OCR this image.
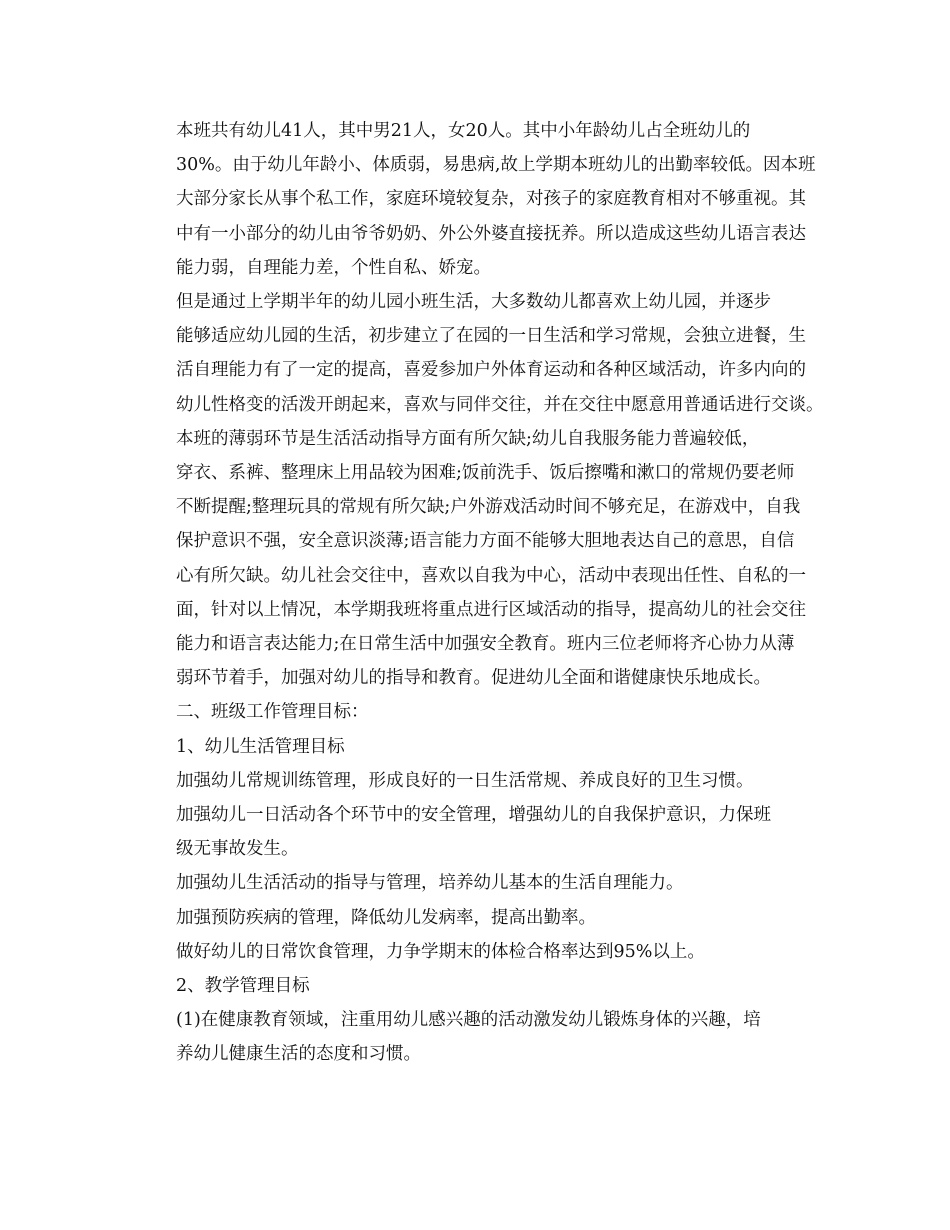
本班共有幼儿41人，其中男21人，女20人。其中小年龄幼儿占全班幼儿的
30%。由于幼儿年龄小、体质弱，易患病,故上学期本班幼儿的出勤率较低。因本班
大部分家长从事个私工作，家庭环境较复杂，对孩子的家庭教育相对不够重视。其
中有一小部分的幼儿由爷爷奶奶、外公外婆直接抚养。所以造成这些幼儿语言表达
能力弱，自理能力差，个性自私、娇宠。

但是通过上学期半年的幼儿园小班生活，大多数幼儿都喜欢上幼儿园，并逐步
能够适应幼儿园的生活，初步建立了在园的一日生活和学习常规，会独立进餐，生
活自理能力有了一定的提高，喜爱参加户外体育运动和各种区域活动，许多内向的
幼儿性格变的活泼开朗起来，喜欢与同伴交往，并在交往中愿意用普通话进行交谈。

本班的薄弱环节是生活活动指导方面有所欠缺;幼儿自我服务能力普遍较低，
穿衣、系裤、整理床上用品较为困难;饭前洗手、饭后擦嘴和漱口的常规仍要老师
不断提醒;整理玩具的常规有所欠缺;户外游戏活动时间不够充足，在游戏中，自我
保护意识不强，安全意识淡薄;语言能力方面不能够大胆地表达自己的意思，自信
心有所欠缺。幼儿社会交往中，喜欢以自我为中心，活动中表现出任性、自私的一
面，针对以上情况，本学期我班将重点进行区域活动的指导，提高幼儿的社会交往
能力和语言表达能力;在日常生活中加强安全教育。班内三位老师将齐心协力从薄
弱环节着手，加强对幼儿的指导和教育。促进幼儿全面和谐健康快乐地成长。

二、班级工作管理目标：

1、幼儿生活管理目标

加强幼儿常规训练管理，形成良好的一日生活常规、养成良好的卫生习惯。

加强幼儿一日活动各个环节中的安全管理，增强幼儿的自我保护意识，力保班
级无事故发生。

加强幼儿生活活动的指导与管理，培养幼儿基本的生活自理能力。

加强预防疾病的管理，降低幼儿发病率，提高出勤率。

做好幼儿的日常饮食管理，力争学期末的体检合格率达到95%以上。

2、教学管理目标

(1)在健康教育领域，注重用幼儿感兴趣的活动激发幼儿锻炼身体的兴趣，培
养幼儿健康生活的态度和习惯。
